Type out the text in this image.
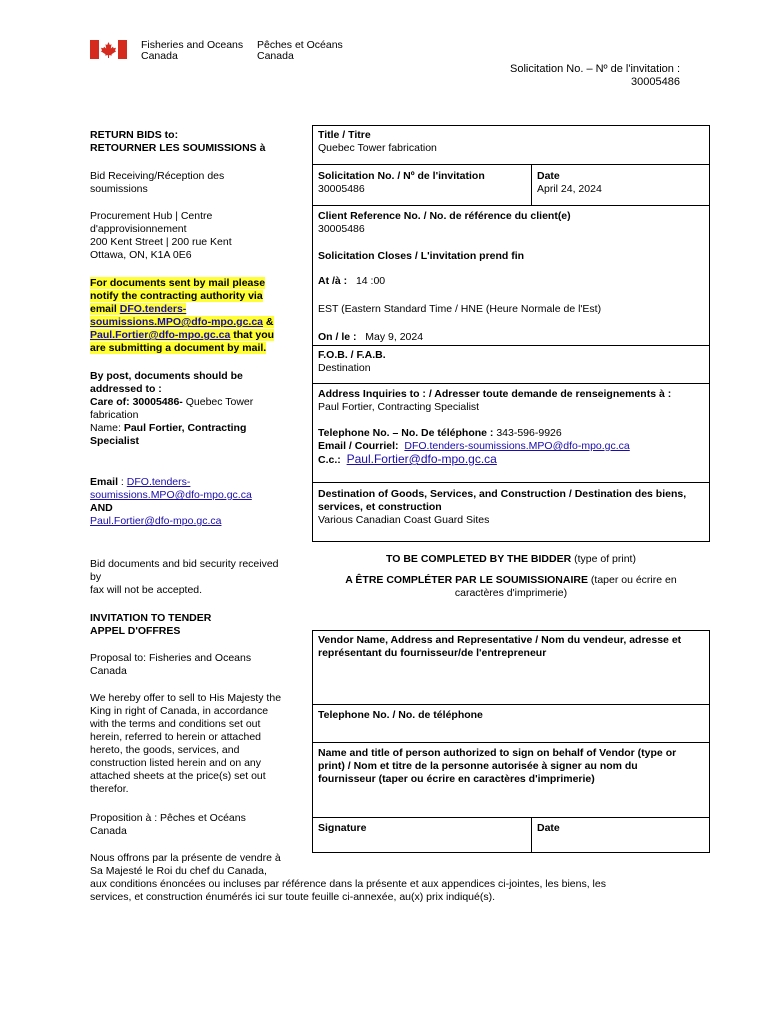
Fisheries and Oceans
Canada
Pêches et Océans
Canada
Solicitation No. – Nº de l'invitation :
30005486
RETURN BIDS to:
RETOURNER LES SOUMISSIONS à
Bid Receiving/Réception des
soumissions
Procurement Hub | Centre
d'approvisionnement
200 Kent Street | 200 rue Kent
Ottawa, ON, K1A 0E6
For documents sent by mail please
notify the contracting authority via
email DFO.tenders-
soumissions.MPO@dfo-mpo.gc.ca &
Paul.Fortier@dfo-mpo.gc.ca that you
are submitting a document by mail.
By post, documents should be
addressed to :
Care of: 30005486- Quebec Tower
fabrication
Name: Paul Fortier, Contracting
Specialist
Email : DFO.tenders-
soumissions.MPO@dfo-mpo.gc.ca
AND
Paul.Fortier@dfo-mpo.gc.ca
Bid documents and bid security received
by
fax will not be accepted.
INVITATION TO TENDER
APPEL D'OFFRES
Proposal to: Fisheries and Oceans
Canada
We hereby offer to sell to His Majesty the
King in right of Canada, in accordance
with the terms and conditions set out
herein, referred to herein or attached
hereto, the goods, services, and
construction listed herein and on any
attached sheets at the price(s) set out
therefor.
Proposition à : Pêches et Océans
Canada
Nous offrons par la présente de vendre à
Sa Majesté le Roi du chef du Canada,
aux conditions énoncées ou incluses par référence dans la présente et aux appendices ci-jointes, les biens, les
services, et construction énumérés ici sur toute feuille ci-annexée, au(x) prix indiqué(s).
Title / Titre
Quebec Tower fabrication
Solicitation No. / Nº de l'invitation
30005486
Date
April 24, 2024
Client Reference No. / No. de référence du client(e)
30005486
Solicitation Closes / L'invitation prend fin
At /à : 14 :00
EST (Eastern Standard Time / HNE (Heure Normale de l'Est)
On / le : May 9, 2024
F.O.B. / F.A.B.
Destination
Address Inquiries to : / Adresser toute demande de renseignements à :
Paul Fortier, Contracting Specialist
Telephone No. – No. De téléphone : 343-596-9926
Email / Courriel: DFO.tenders-soumissions.MPO@dfo-mpo.gc.ca
C.c.: Paul.Fortier@dfo-mpo.gc.ca
Destination of Goods, Services, and Construction / Destination des biens,
services, et construction
Various Canadian Coast Guard Sites
TO BE COMPLETED BY THE BIDDER (type of print)
A ÊTRE COMPLÉTER PAR LE SOUMISSIONAIRE (taper ou écrire en
caractères d'imprimerie)
Vendor Name, Address and Representative / Nom du vendeur, adresse et
représentant du fournisseur/de l'entrepreneur
Telephone No. / No. de téléphone
Name and title of person authorized to sign on behalf of Vendor (type or
print) / Nom et titre de la personne autorisée à signer au nom du
fournisseur (taper ou écrire en caractères d'imprimerie)
Signature	Date
